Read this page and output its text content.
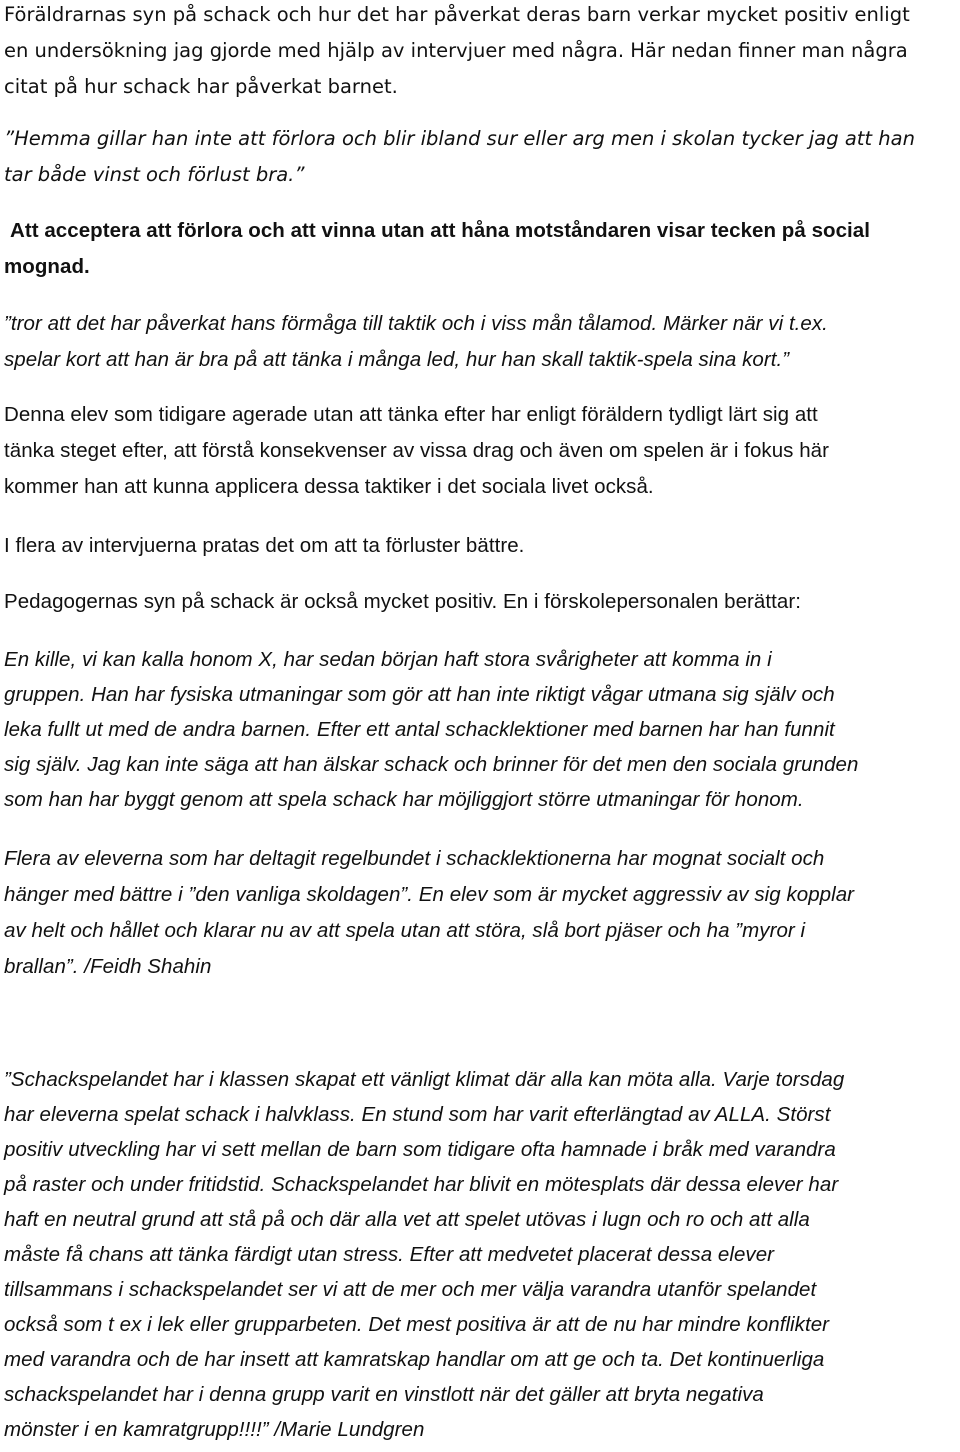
Föräldrarnas syn på schack och hur det har påverkat deras barn verkar mycket positiv enligt
en undersökning jag gjorde med hjälp av intervjuer med några. Här nedan finner man några
citat på hur schack har påverkat barnet.
”Hemma gillar han inte att förlora och blir ibland sur eller arg men i skolan tycker jag att han
tar både vinst och förlust bra.”
Att acceptera att förlora och att vinna utan att håna motståndaren visar tecken på social
mognad.
”tror att det har påverkat hans förmåga till taktik och i viss mån tålamod. Märker när vi t.ex.
spelar kort att han är bra på att tänka i många led, hur han skall taktik-spela sina kort.”
Denna elev som tidigare agerade utan att tänka efter har enligt föräldern tydligt lärt sig att
tänka steget efter, att förstå konsekvenser av vissa drag och även om spelen är i fokus här
kommer han att kunna applicera dessa taktiker i det sociala livet också.
I flera av intervjuerna pratas det om att ta förluster bättre.
Pedagogernas syn på schack är också mycket positiv. En i förskolepersonalen berättar:
En kille, vi kan kalla honom X, har sedan början haft stora svårigheter att komma in i
gruppen. Han har fysiska utmaningar som gör att han inte riktigt vågar utmana sig själv och
leka fullt ut med de andra barnen. Efter ett antal schacklektioner med barnen har han funnit
sig själv. Jag kan inte säga att han älskar schack och brinner för det men den sociala grunden
som han har byggt genom att spela schack har möjliggjort större utmaningar för honom.
Flera av eleverna som har deltagit regelbundet i schacklektionerna har mognat socialt och
hänger med bättre i ”den vanliga skoldagen”. En elev som är mycket aggressiv av sig kopplar
av helt och hållet och klarar nu av att spela utan att störa, slå bort pjäser och ha ”myror i
brallan”. /Feidh Shahin
”Schackspelandet har i klassen skapat ett vänligt klimat där alla kan möta alla. Varje torsdag
har eleverna spelat schack i halvklass. En stund som har varit efterlängtad av ALLA. Störst
positiv utveckling har vi sett mellan de barn som tidigare ofta hamnade i bråk med varandra
på raster och under fritidstid. Schackspelandet har blivit en mötesplats där dessa elever har
haft en neutral grund att stå på och där alla vet att spelet utövas i lugn och ro och att alla
måste få chans att tänka färdigt utan stress. Efter att medvetet placerat dessa elever
tillsammans i schackspelandet ser vi att de mer och mer välja varandra utanför spelandet
också som t ex i lek eller grupparbeten. Det mest positiva är att de nu har mindre konflikter
med varandra och de har insett att kamratskap handlar om att ge och ta. Det kontinuerliga
schackspelandet har i denna grupp varit en vinstlott när det gäller att bryta negativa
mönster i en kamratgrupp!!!!” /Marie Lundgren
